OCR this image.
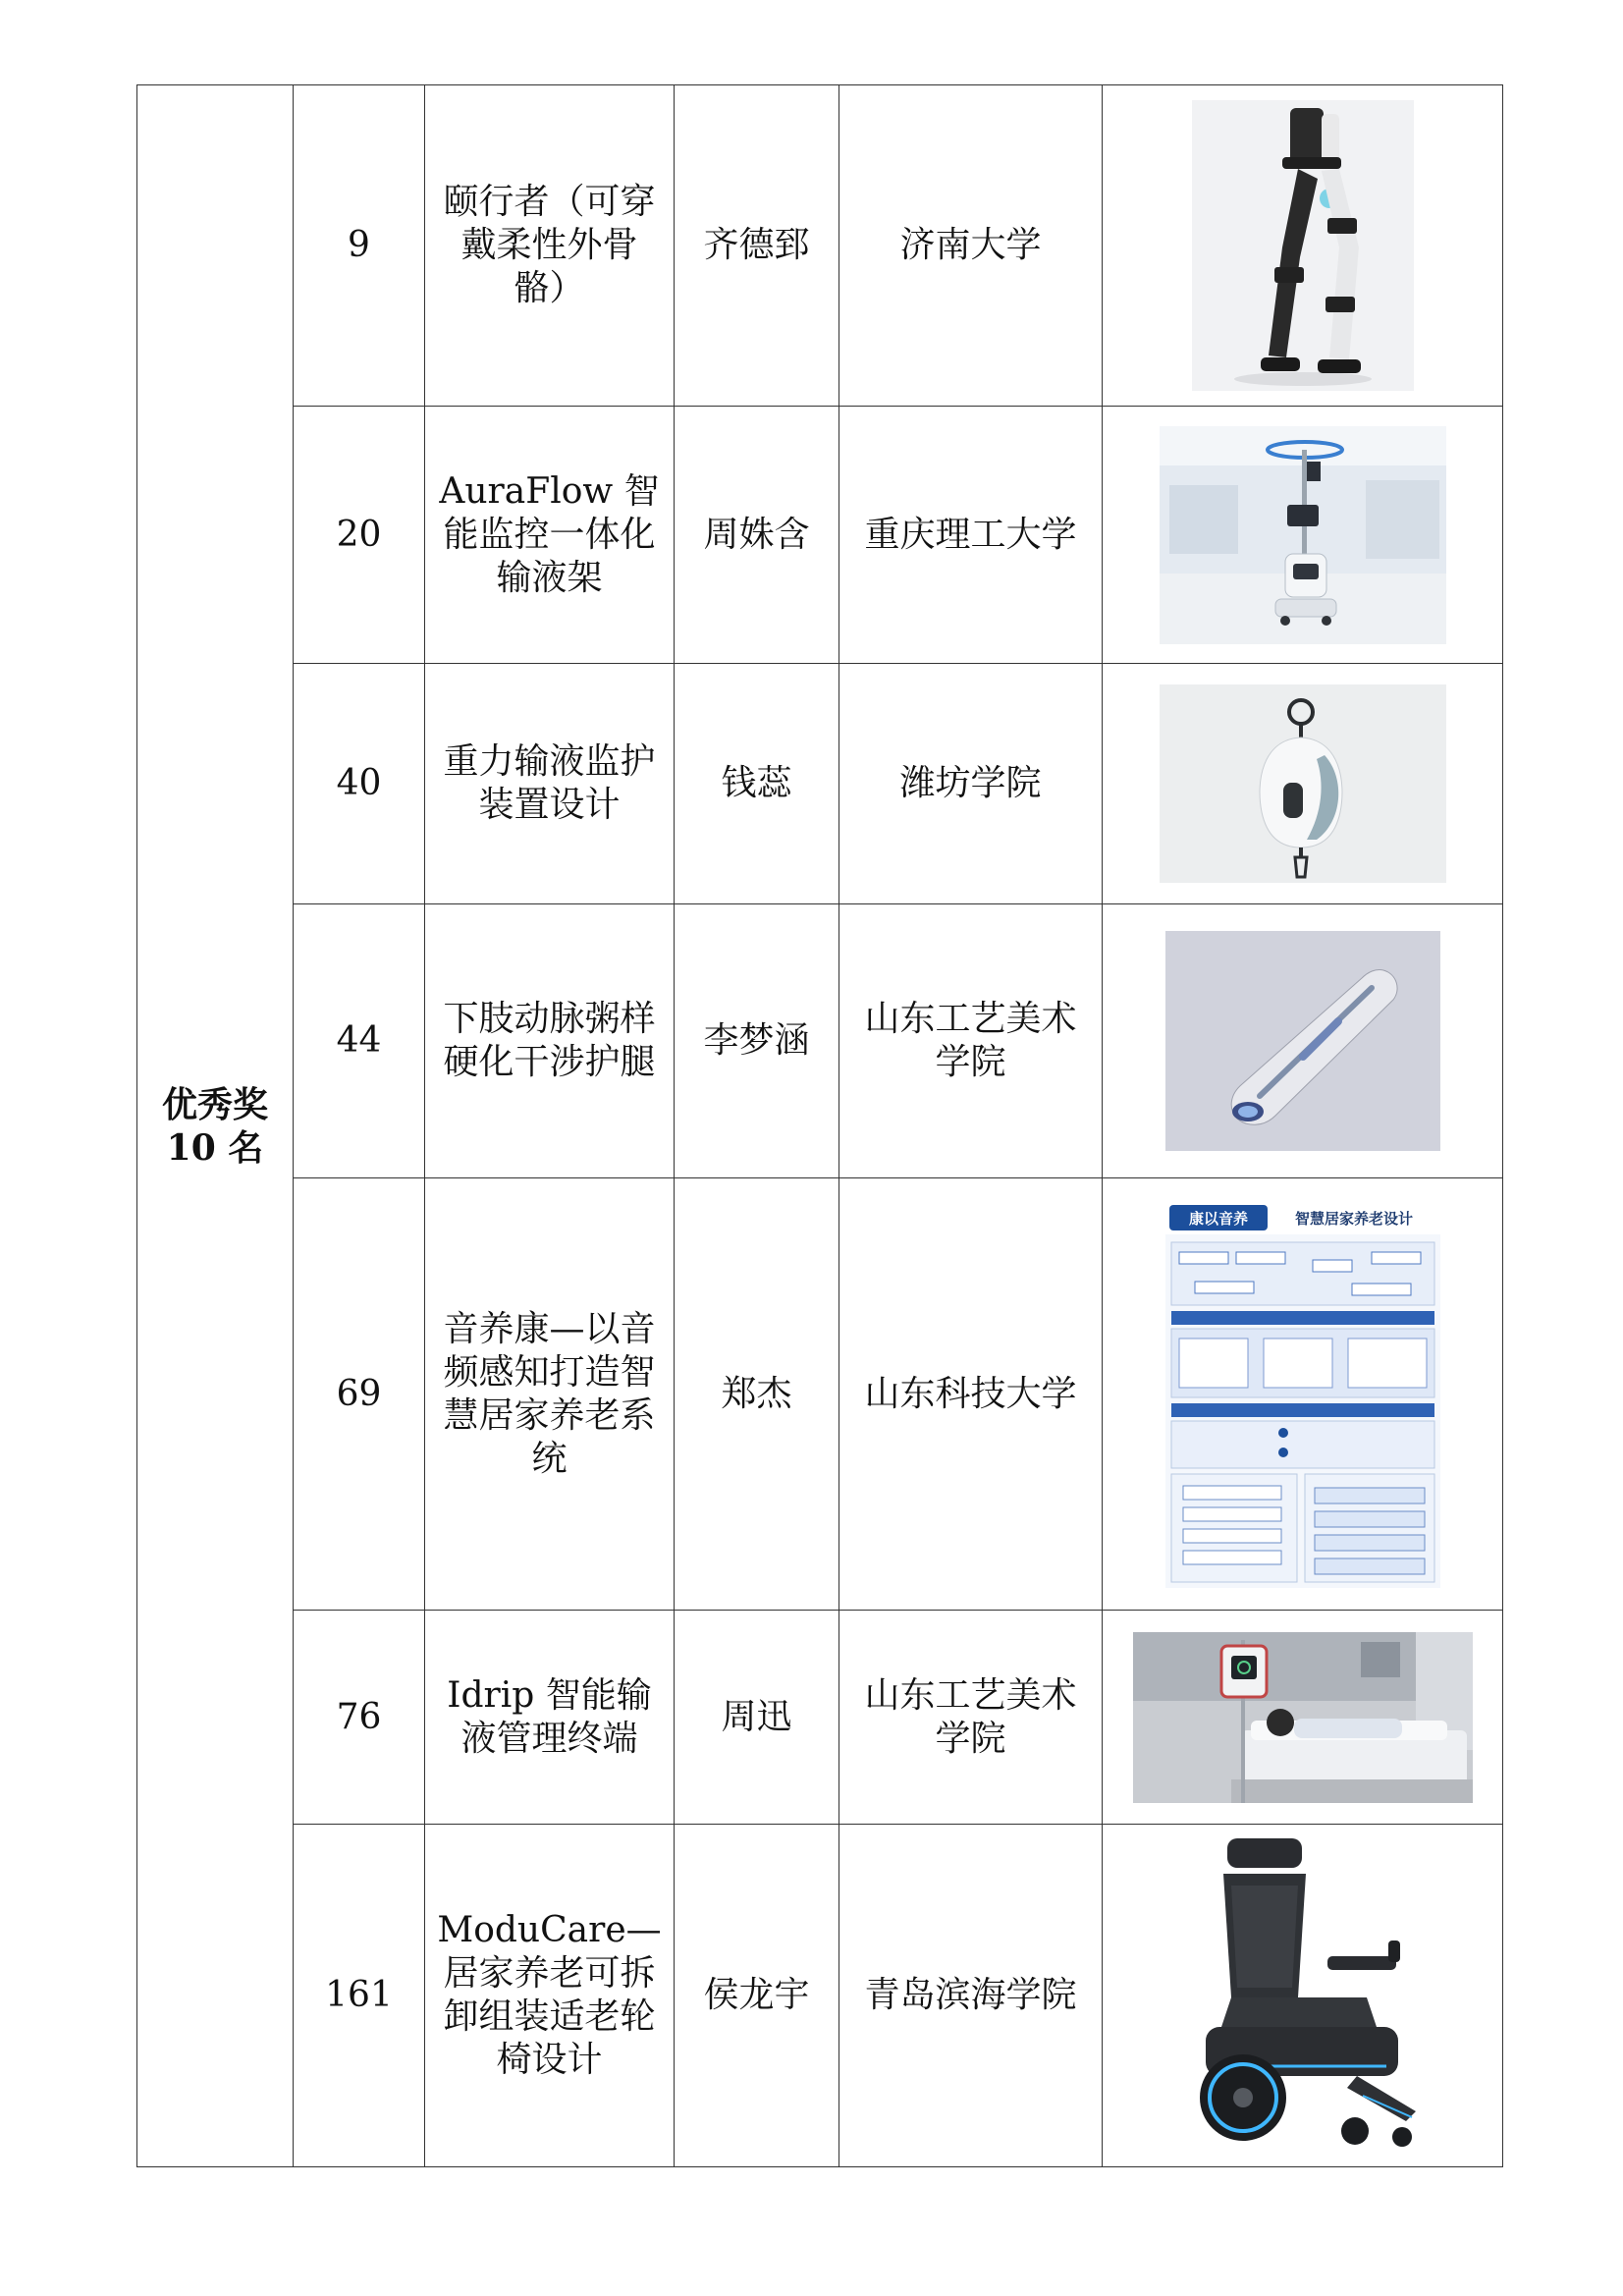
优秀奖
10 名	9	颐行者（可穿戴柔性外骨骼）	齐德郅	济南大学	

	20	AuraFlow 智能监控一体化输液架	周姝含	重庆理工大学	

	40	重力输液监护装置设计	钱蕊	潍坊学院	

	44	下肢动脉粥样硬化干涉护腿	李梦涵	山东工艺美术学院	

	69	音养康—以音频感知打造智慧居家养老系统	郑杰	山东科技大学	康以音养 智慧居家养老设计

	76	Idrip 智能输液管理终端	周迅	山东工艺美术学院	

	161	ModuCare—居家养老可拆卸组装适老轮椅设计	侯龙宇	青岛滨海学院	
